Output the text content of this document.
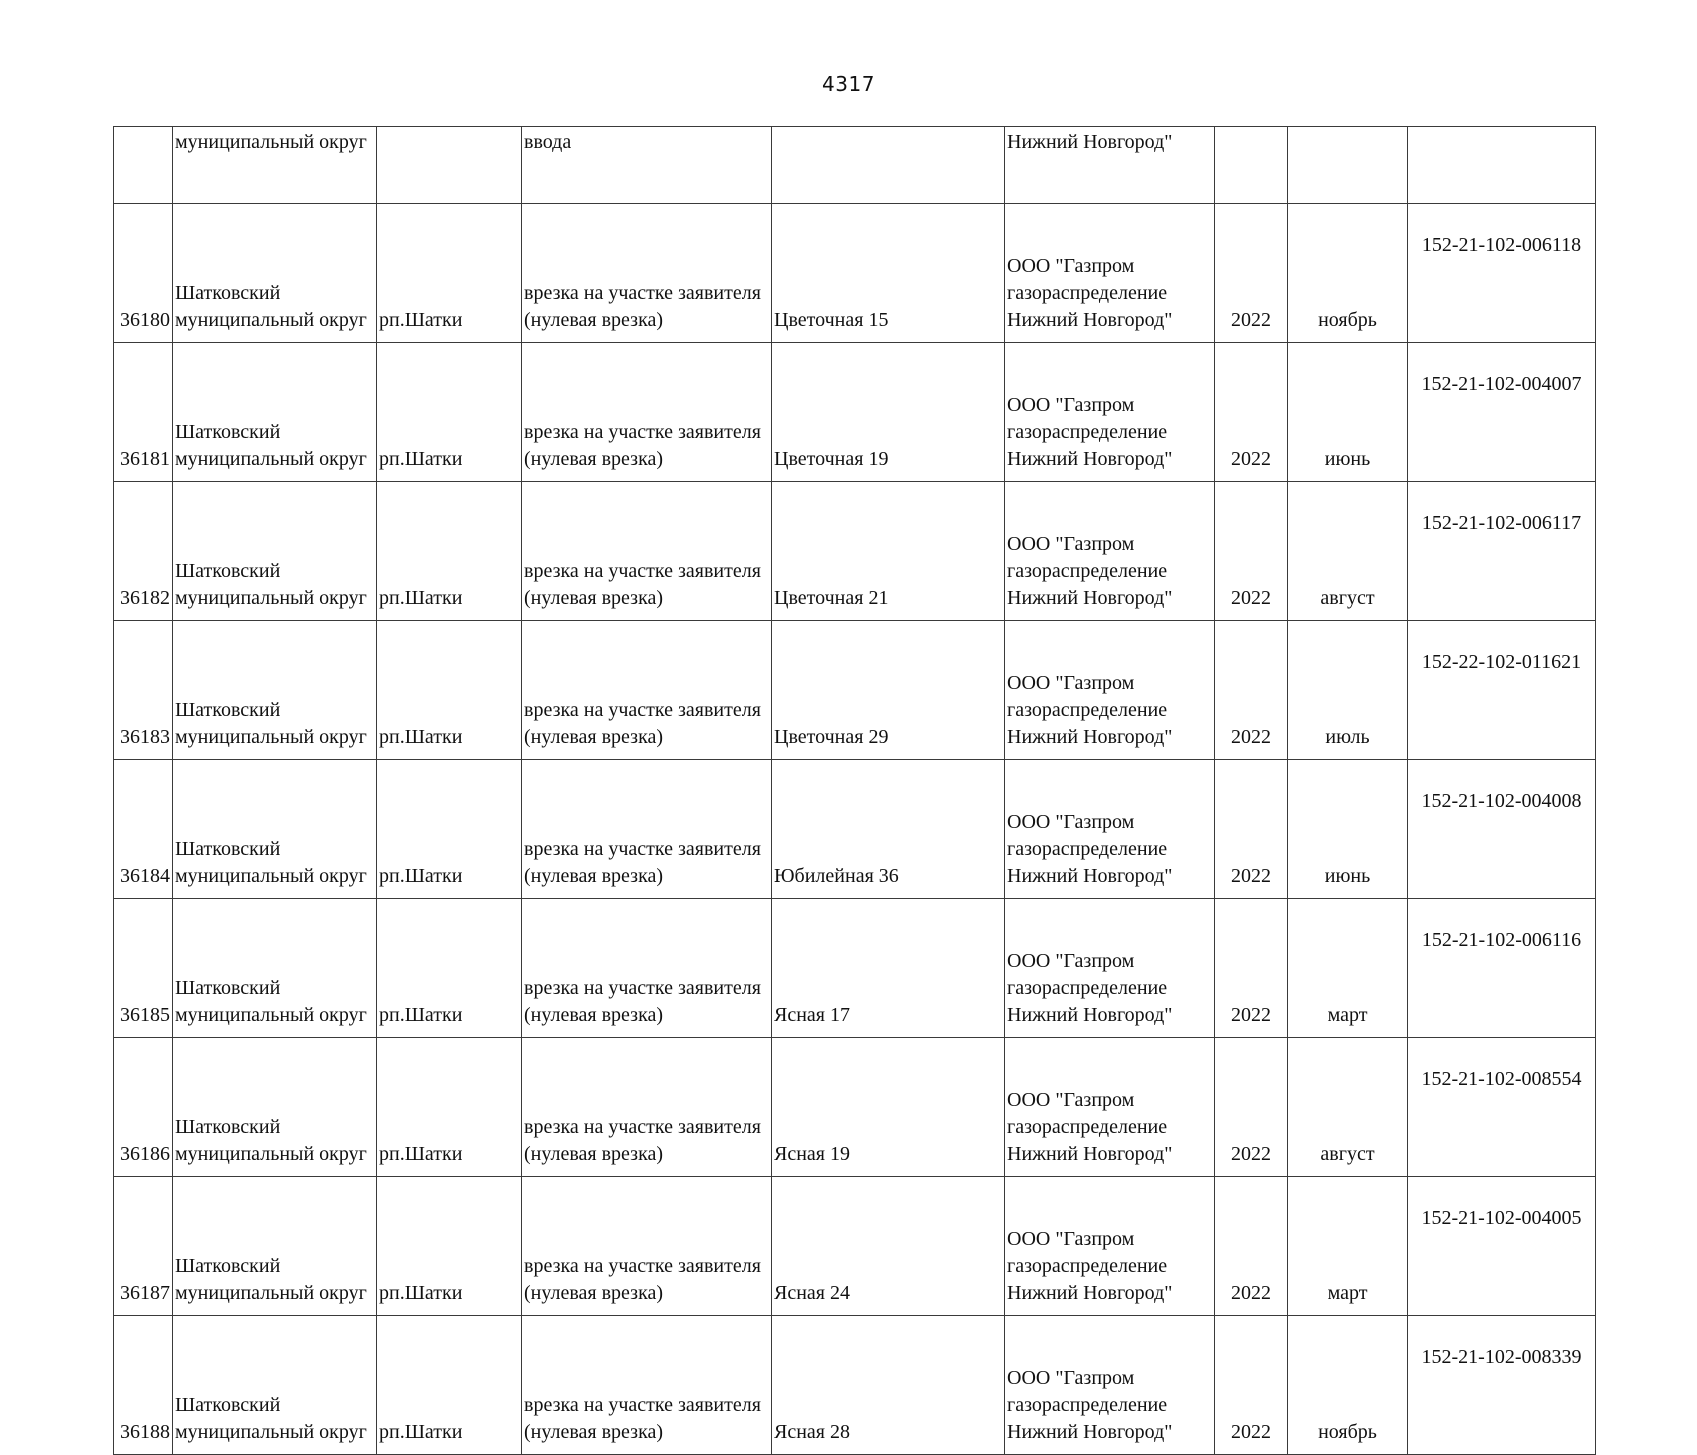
4317
	муниципальный округ		ввода		Нижний Новгород"			

36180	Шатковский
муниципальный округ	рп.Шатки	врезка на участке заявителя
(нулевая врезка)	Цветочная 15	ООО "Газпром
газораспределение
Нижний Новгород"	2022	ноябрь	152-21-102-006118

36181	Шатковский
муниципальный округ	рп.Шатки	врезка на участке заявителя
(нулевая врезка)	Цветочная 19	ООО "Газпром
газораспределение
Нижний Новгород"	2022	июнь	152-21-102-004007

36182	Шатковский
муниципальный округ	рп.Шатки	врезка на участке заявителя
(нулевая врезка)	Цветочная 21	ООО "Газпром
газораспределение
Нижний Новгород"	2022	август	152-21-102-006117

36183	Шатковский
муниципальный округ	рп.Шатки	врезка на участке заявителя
(нулевая врезка)	Цветочная 29	ООО "Газпром
газораспределение
Нижний Новгород"	2022	июль	152-22-102-011621

36184	Шатковский
муниципальный округ	рп.Шатки	врезка на участке заявителя
(нулевая врезка)	Юбилейная 36	ООО "Газпром
газораспределение
Нижний Новгород"	2022	июнь	152-21-102-004008

36185	Шатковский
муниципальный округ	рп.Шатки	врезка на участке заявителя
(нулевая врезка)	Ясная 17	ООО "Газпром
газораспределение
Нижний Новгород"	2022	март	152-21-102-006116

36186	Шатковский
муниципальный округ	рп.Шатки	врезка на участке заявителя
(нулевая врезка)	Ясная 19	ООО "Газпром
газораспределение
Нижний Новгород"	2022	август	152-21-102-008554

36187	Шатковский
муниципальный округ	рп.Шатки	врезка на участке заявителя
(нулевая врезка)	Ясная 24	ООО "Газпром
газораспределение
Нижний Новгород"	2022	март	152-21-102-004005

36188	Шатковский
муниципальный округ	рп.Шатки	врезка на участке заявителя
(нулевая врезка)	Ясная 28	ООО "Газпром
газораспределение
Нижний Новгород"	2022	ноябрь	152-21-102-008339
